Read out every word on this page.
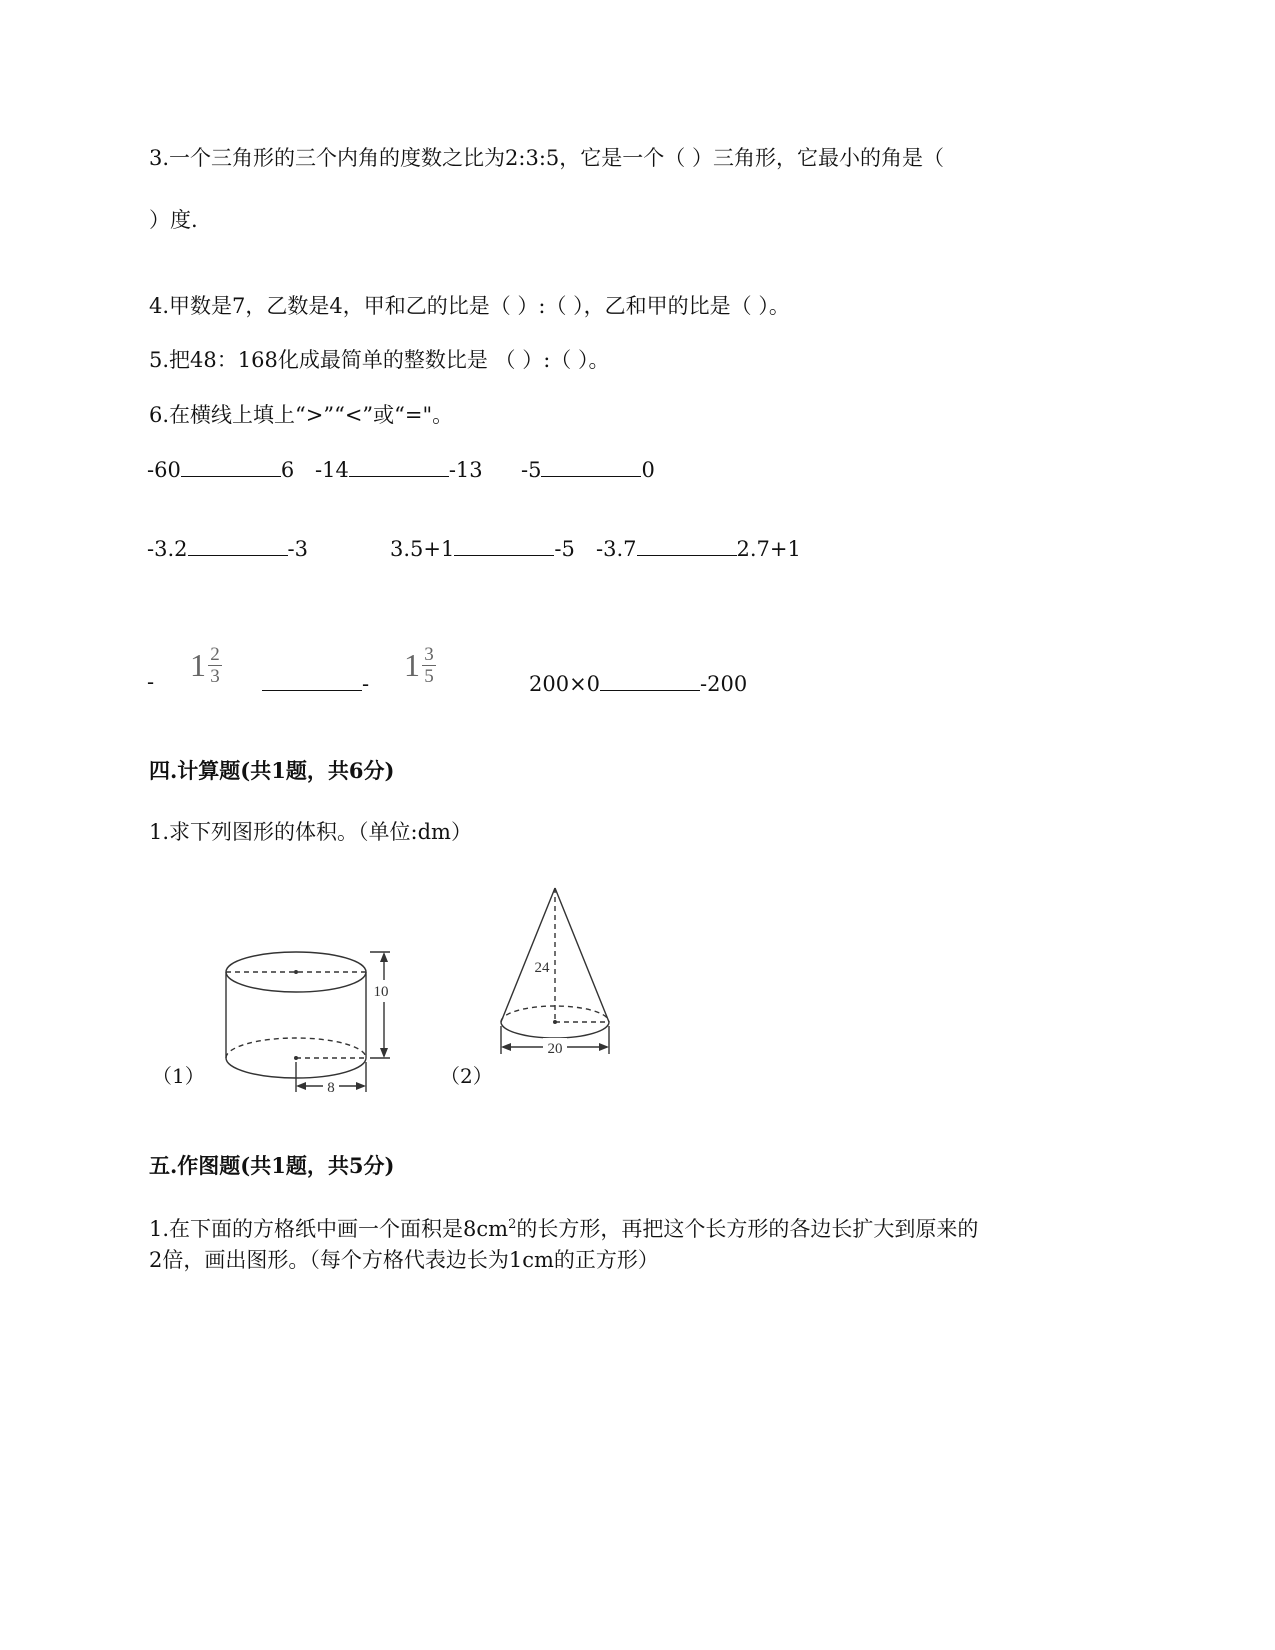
3.一个三角形的三个内角的度数之比为2:3:5，它是一个（ ）三角形，它最小的角是（
）度.
4.甲数是7，乙数是4，甲和乙的比是（ ）:（ ），乙和甲的比是（ ）。
5.把48：168化成最简单的整数比是 （ ）:（ ）。
6.在横线上填上“>”“<”或“="。
-60	6 -14	-13 -5	0
-3.2	-3	3.5+1	-5 -3.7	2.7+1
- $1 \frac{2}{3}$	-
$1 \frac{3}{5}$	200×0	-200
四.计算题(共1题，共6分)
1.求下列图形的体积。（单位:dm）
10
8
（1）
24
20
（2）
五.作图题(共1题，共5分)
1.在下面的方格纸中画一个面积是$8cm^2$的长方形，再把这个长方形的各边长扩大到原来的
2倍，画出图形。（每个方格代表边长为1cm的正方形）
